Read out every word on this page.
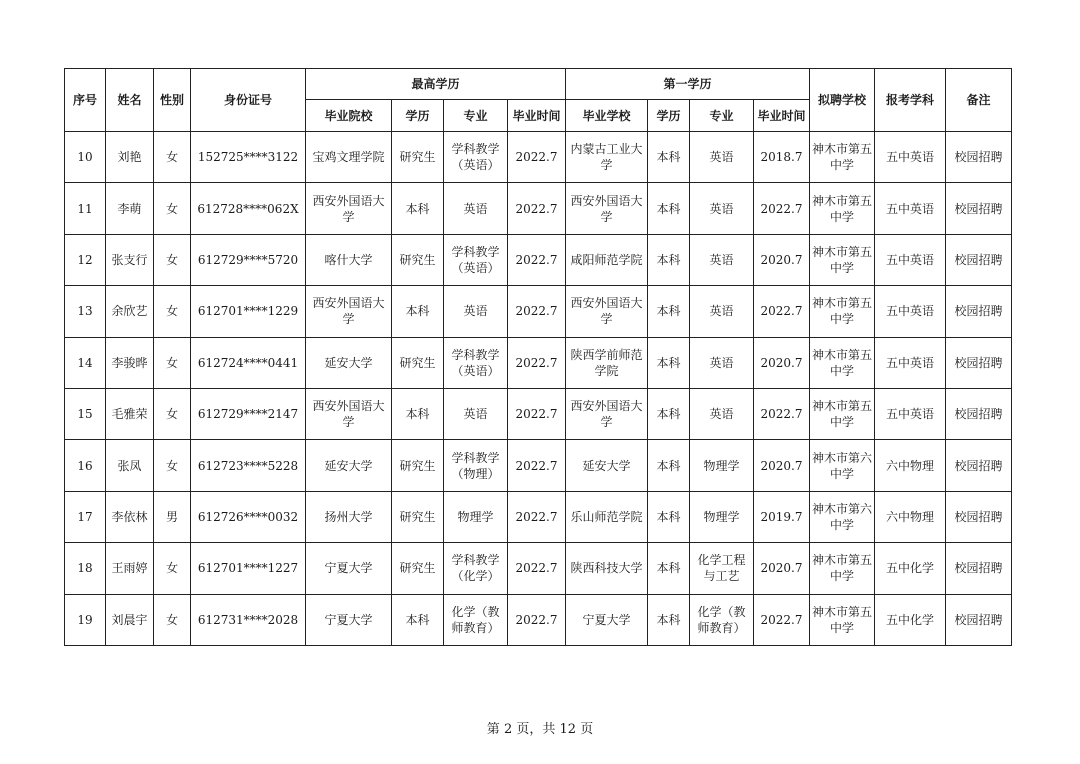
序号	姓名	性别	身份证号	最高学历				第一学历				拟聘学校	报考学科	备注
				毕业院校	学历	专业	毕业时间	毕业学校	学历	专业	毕业时间			
10	刘艳	女	152725****3122	宝鸡文理学院	研究生	学科教学（英语）	2022.7	内蒙古工业大学	本科	英语	2018.7	神木市第五中学	五中英语	校园招聘
11	李萌	女	612728****062X	西安外国语大学	本科	英语	2022.7	西安外国语大学	本科	英语	2022.7	神木市第五中学	五中英语	校园招聘
12	张支行	女	612729****5720	喀什大学	研究生	学科教学（英语）	2022.7	咸阳师范学院	本科	英语	2020.7	神木市第五中学	五中英语	校园招聘
13	余欣艺	女	612701****1229	西安外国语大学	本科	英语	2022.7	西安外国语大学	本科	英语	2022.7	神木市第五中学	五中英语	校园招聘
14	李骏晔	女	612724****0441	延安大学	研究生	学科教学（英语）	2022.7	陕西学前师范学院	本科	英语	2020.7	神木市第五中学	五中英语	校园招聘
15	毛雅荣	女	612729****2147	西安外国语大学	本科	英语	2022.7	西安外国语大学	本科	英语	2022.7	神木市第五中学	五中英语	校园招聘
16	张凤	女	612723****5228	延安大学	研究生	学科教学（物理）	2022.7	延安大学	本科	物理学	2020.7	神木市第六中学	六中物理	校园招聘
17	李依林	男	612726****0032	扬州大学	研究生	物理学	2022.7	乐山师范学院	本科	物理学	2019.7	神木市第六中学	六中物理	校园招聘
18	王雨婷	女	612701****1227	宁夏大学	研究生	学科教学（化学）	2022.7	陕西科技大学	本科	化学工程与工艺	2020.7	神木市第五中学	五中化学	校园招聘
19	刘晨宇	女	612731****2028	宁夏大学	本科	化学（教师教育）	2022.7	宁夏大学	本科	化学（教师教育）	2022.7	神木市第五中学	五中化学	校园招聘
第 2 页，共 12 页
